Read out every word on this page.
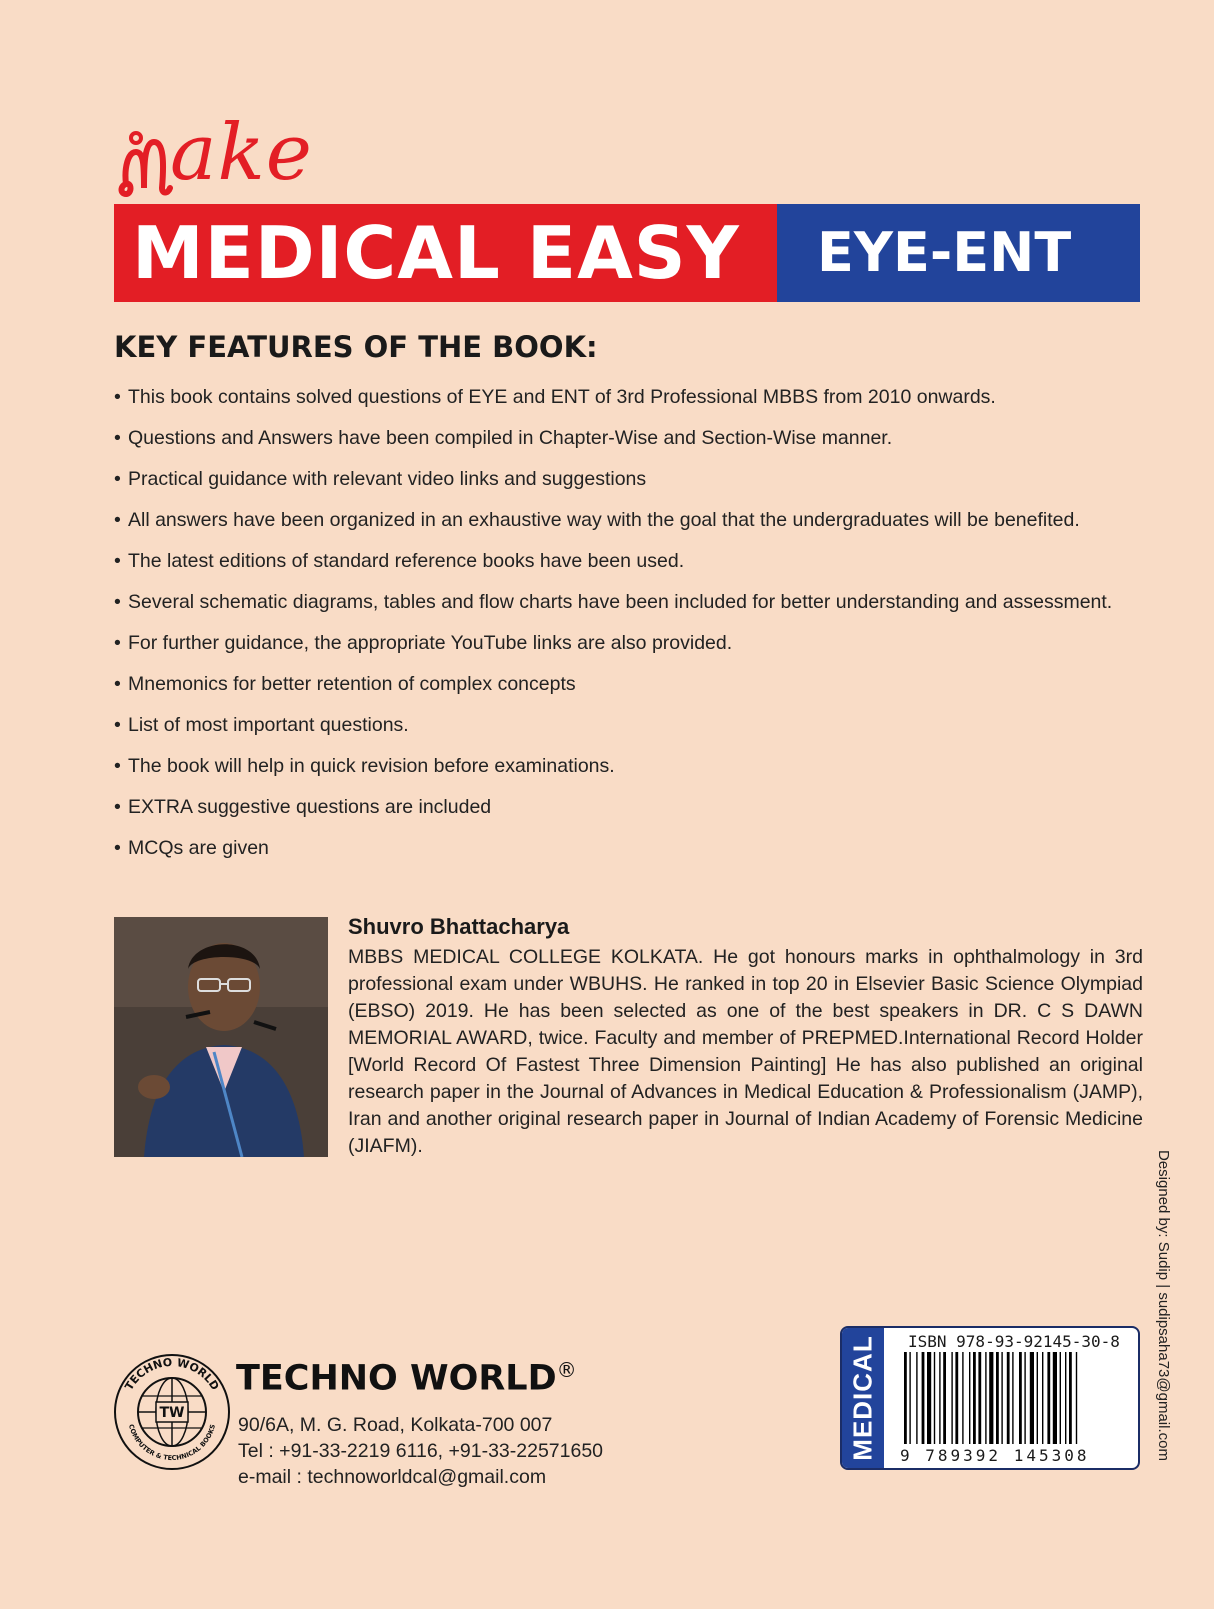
ake
MEDICAL EASY	EYE-ENT
KEY FEATURES OF THE BOOK:
• This book contains solved questions of EYE and ENT of 3rd Professional MBBS from 2010 onwards.
• Questions and Answers have been compiled in Chapter-Wise and Section-Wise manner.
• Practical guidance with relevant video links and suggestions
• All answers have been organized in an exhaustive way with the goal that the undergraduates will be benefited.
• The latest editions of standard reference books have been used.
• Several schematic diagrams, tables and flow charts have been included for better understanding and assessment.
• For further guidance, the appropriate YouTube links are also provided.
• Mnemonics for better retention of complex concepts
• List of most important questions.
• The book will help in quick revision before examinations.
• EXTRA suggestive questions are included
• MCQs are given
Shuvro Bhattacharya
MBBS MEDICAL COLLEGE KOLKATA. He got honours marks in ophthalmology in 3rd professional exam under WBUHS. He ranked in top 20 in Elsevier Basic Science Olympiad (EBSO) 2019. He has been selected as one of the best speakers in DR. C S DAWN MEMORIAL AWARD, twice. Faculty and member of PREPMED.International Record Holder [World Record Of Fastest Three Dimension Painting] He has also published an original research paper in the Journal of Advances in Medical Education & Professionalism (JAMP), Iran and another original research paper in Journal of Indian Academy of Forensic Medicine (JIAFM).
Designed by: Sudip | sudipsaha73@gmail.com
TECHNO WORLD
COMPUTER & TECHNICAL BOOKS
TW
TECHNO WORLD®
90/6A, M. G. Road, Kolkata-700 007
Tel : +91-33-2219 6116, +91-33-22571650
e-mail : technoworldcal@gmail.com
MEDICAL ISBN 978-93-92145-30-8
9 789392 145308
